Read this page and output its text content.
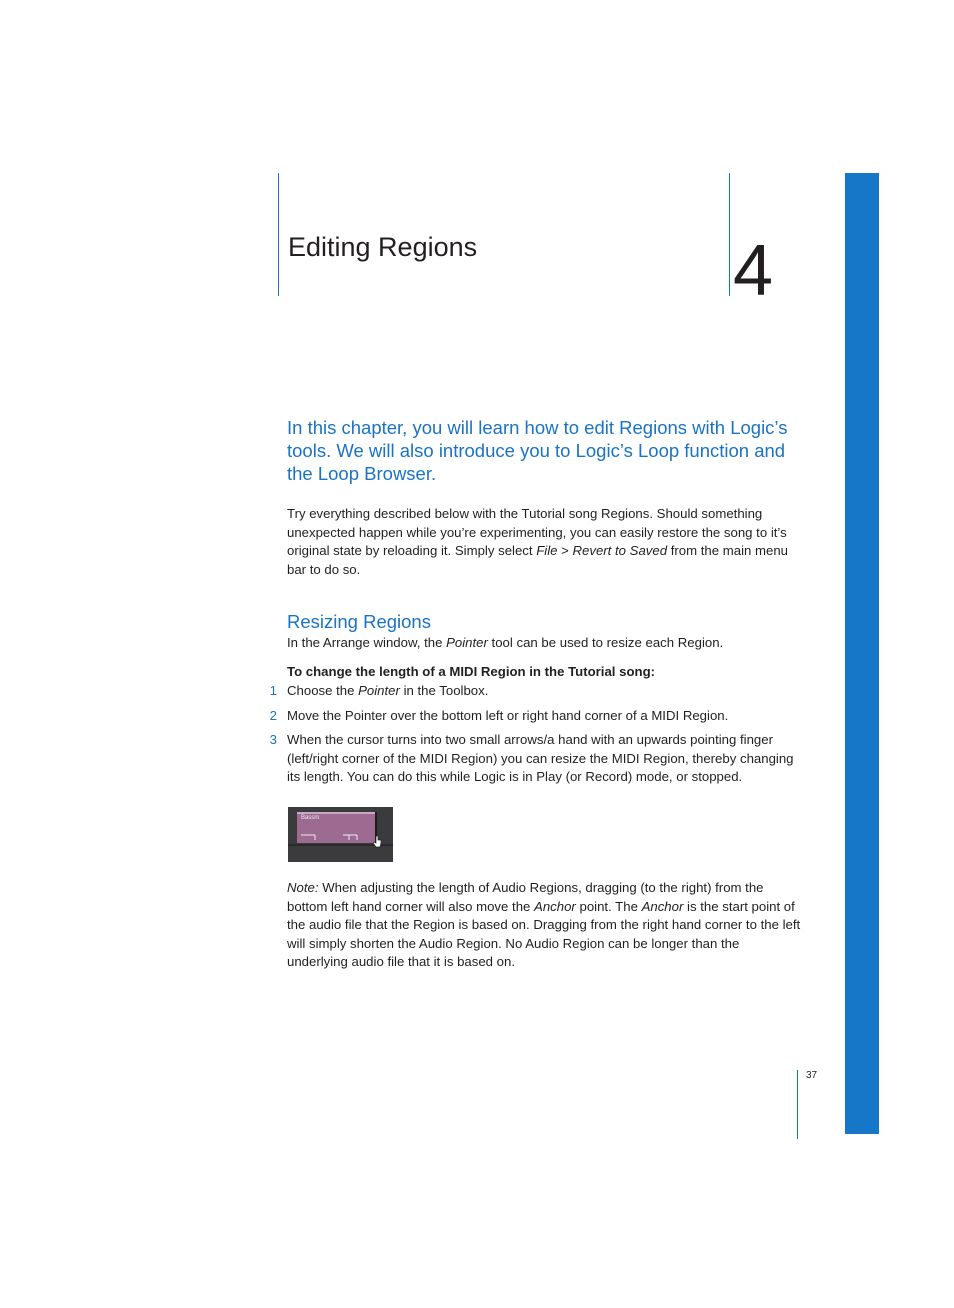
Editing Regions	4
In this chapter, you will learn how to edit Regions with Logic’s tools. We will also introduce you to Logic’s Loop function and the Loop Browser.
Try everything described below with the Tutorial song Regions. Should something unexpected happen while you’re experimenting, you can easily restore the song to it’s original state by reloading it. Simply select File > Revert to Saved from the main menu bar to do so.
Resizing Regions
In the Arrange window, the Pointer tool can be used to resize each Region.
To change the length of a MIDI Region in the Tutorial song:
1 Choose the Pointer in the Toolbox.
2 Move the Pointer over the bottom left or right hand corner of a MIDI Region.
3 When the cursor turns into two small arrows/a hand with an upwards pointing finger (left/right corner of the MIDI Region) you can resize the MIDI Region, thereby changing its length. You can do this while Logic is in Play (or Record) mode, or stopped.
Bassm
Note: When adjusting the length of Audio Regions, dragging (to the right) from the bottom left hand corner will also move the Anchor point. The Anchor is the start point of the audio file that the Region is based on. Dragging from the right hand corner to the left will simply shorten the Audio Region. No Audio Region can be longer than the underlying audio file that it is based on.
37
